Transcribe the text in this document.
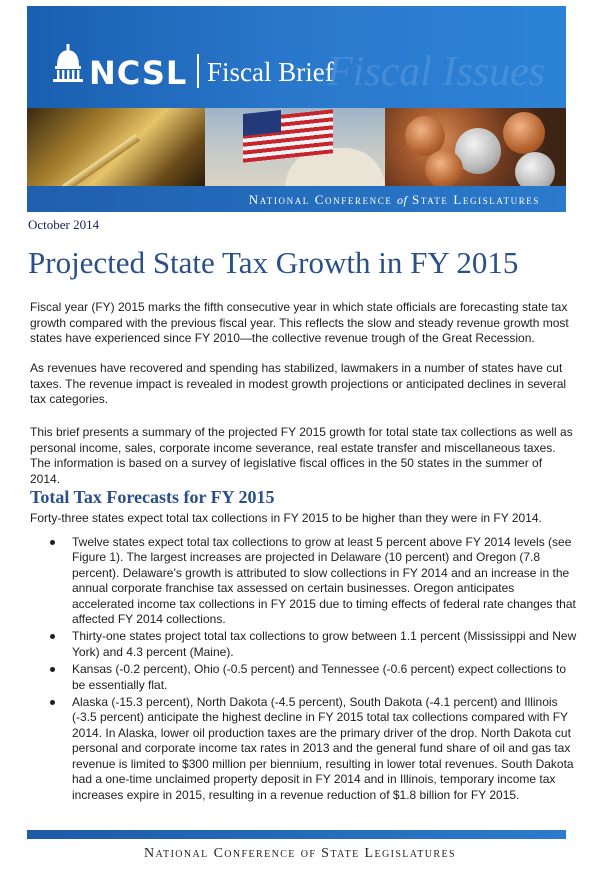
NCSL Fiscal Brief
Fiscal Issues
National Conference of State Legislatures
October 2014
Projected State Tax Growth in FY 2015

Fiscal year (FY) 2015 marks the fifth consecutive year in which state officials are forecasting state tax growth compared with the previous fiscal year. This reflects the slow and steady revenue growth most states have experienced since FY 2010—the collective revenue trough of the Great Recession.

As revenues have recovered and spending has stabilized, lawmakers in a number of states have cut taxes. The revenue impact is revealed in modest growth projections or anticipated declines in several tax categories.

This brief presents a summary of the projected FY 2015 growth for total state tax collections as well as personal income, sales, corporate income severance, real estate transfer and miscellaneous taxes. The information is based on a survey of legislative fiscal offices in the 50 states in the summer of 2014.

Total Tax Forecasts for FY 2015

Forty-three states expect total tax collections in FY 2015 to be higher than they were in FY 2014.

Twelve states expect total tax collections to grow at least 5 percent above FY 2014 levels (see Figure 1). The largest increases are projected in Delaware (10 percent) and Oregon (7.8 percent). Delaware’s growth is attributed to slow collections in FY 2014 and an increase in the annual corporate franchise tax assessed on certain businesses. Oregon anticipates accelerated income tax collections in FY 2015 due to timing effects of federal rate changes that affected FY 2014 collections.
Thirty-one states project total tax collections to grow between 1.1 percent (Mississippi and New York) and 4.3 percent (Maine).
Kansas (-0.2 percent), Ohio (-0.5 percent) and Tennessee (-0.6 percent) expect collections to be essentially flat.
Alaska (-15.3 percent), North Dakota (-4.5 percent), South Dakota (-4.1 percent) and Illinois (-3.5 percent) anticipate the highest decline in FY 2015 total tax collections compared with FY 2014. In Alaska, lower oil production taxes are the primary driver of the drop. North Dakota cut personal and corporate income tax rates in 2013 and the general fund share of oil and gas tax revenue is limited to $300 million per biennium, resulting in lower total revenues. South Dakota had a one-time unclaimed property deposit in FY 2014 and in Illinois, temporary income tax increases expire in 2015, resulting in a revenue reduction of $1.8 billion for FY 2015.
National Conference of State Legislatures
